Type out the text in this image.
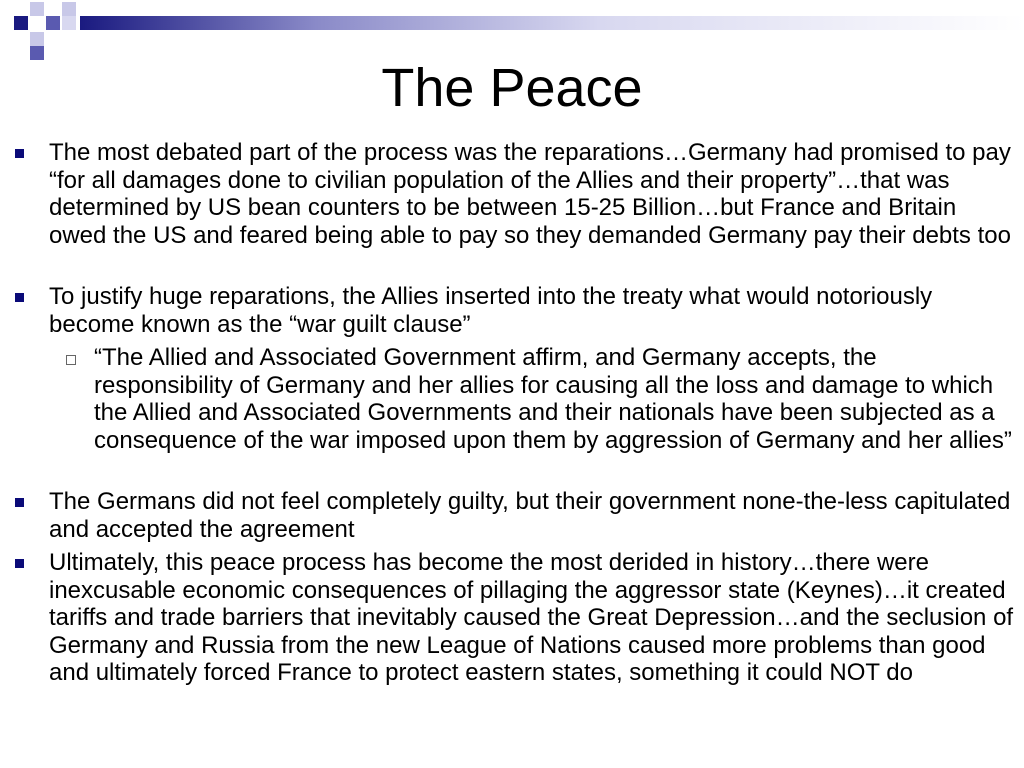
The Peace
The most debated part of the process was the reparations…Germany had promised to pay “for all damages done to civilian population of the Allies and their property”…that was determined by US bean counters to be between 15-25 Billion…but France and Britain owed the US and feared being able to pay so they demanded Germany pay their debts too
To justify huge reparations, the Allies inserted into the treaty what would notoriously become known as the “war guilt clause”
“The Allied and Associated Government affirm, and Germany accepts, the responsibility of Germany and her allies for causing all the loss and damage to which the Allied and Associated Governments and their nationals have been subjected as a consequence of the war imposed upon them by aggression of Germany and her allies”
The Germans did not feel completely guilty, but their government none-the-less capitulated and accepted the agreement
Ultimately, this peace process has become the most derided in history…there were inexcusable economic consequences of pillaging the aggressor state (Keynes)…it created tariffs and trade barriers that inevitably caused the Great Depression…and the seclusion of Germany and Russia from the new League of Nations caused more problems than good and ultimately forced France to protect eastern states, something it could NOT do
